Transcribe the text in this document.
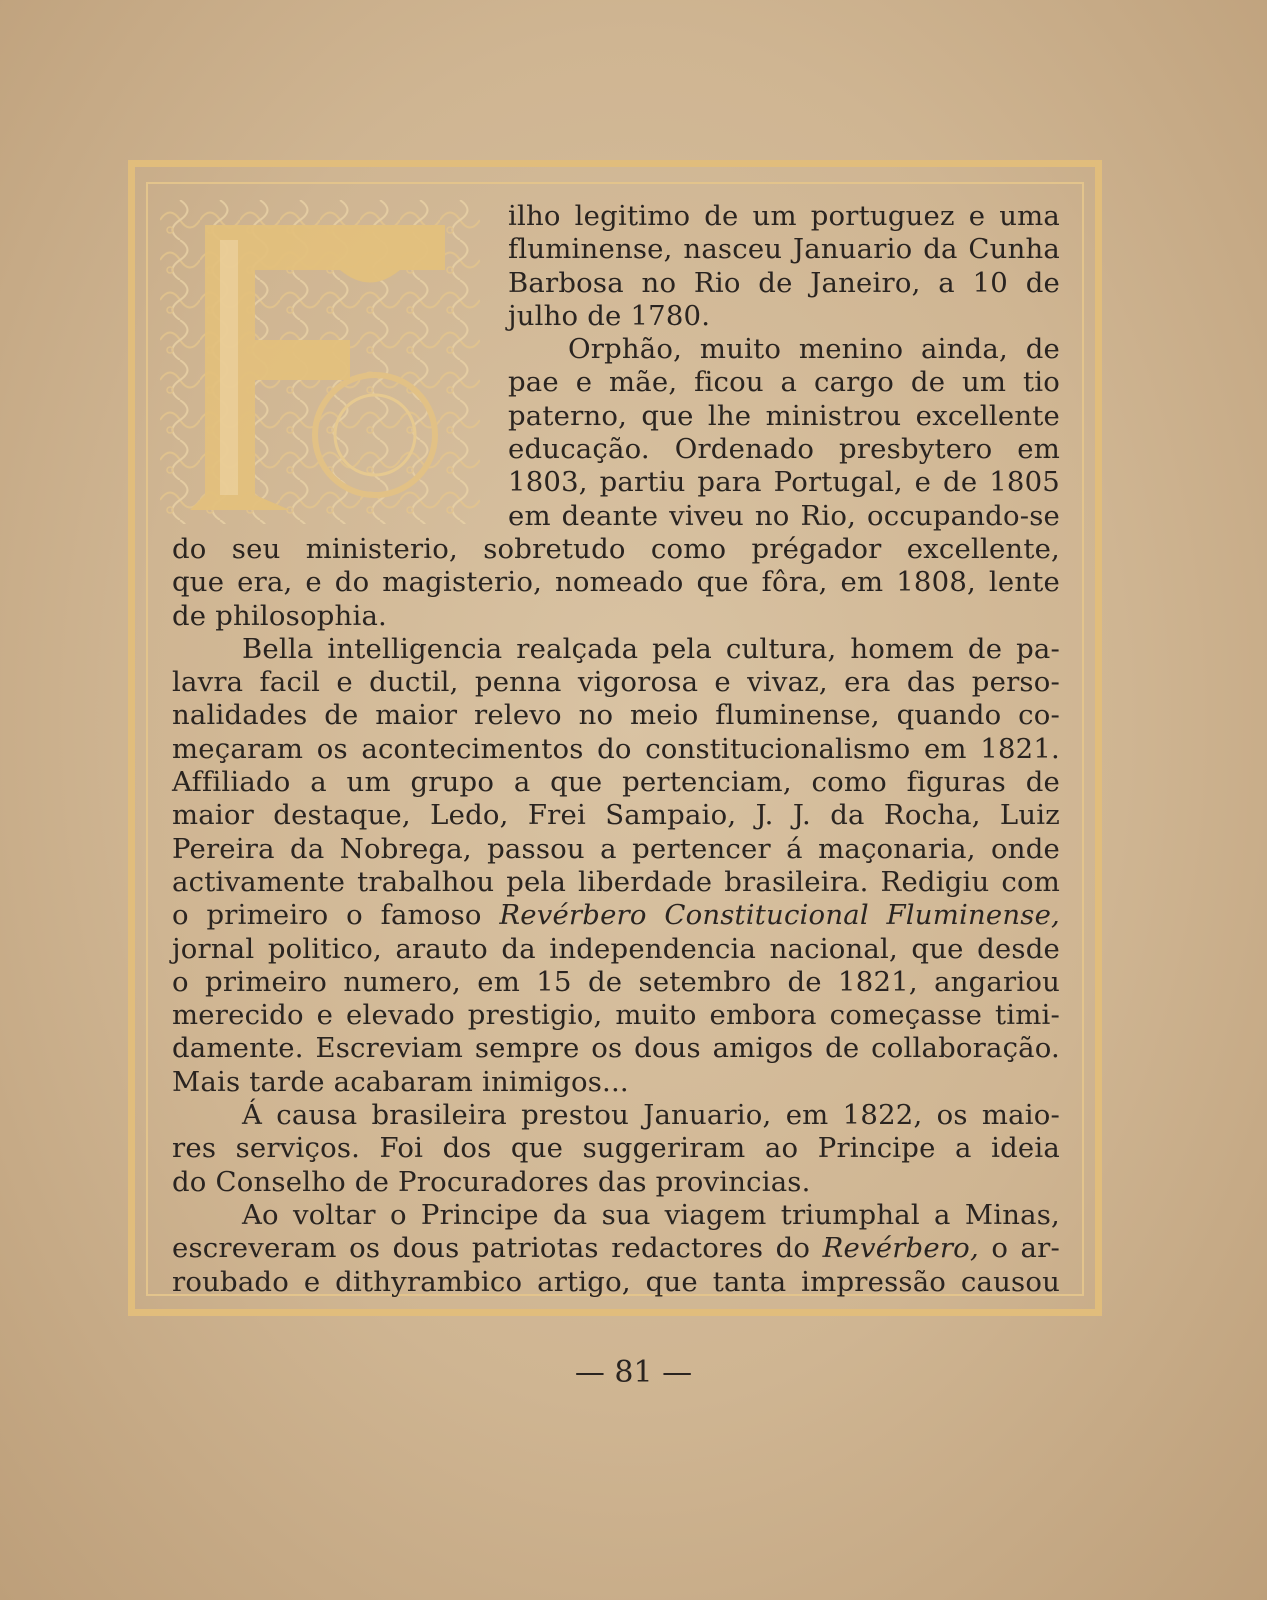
ilho legitimo de um portuguez e uma
fluminense, nasceu Januario da Cunha
Barbosa no Rio de Janeiro, a 10 de
julho de 1780.
Orphão, muito menino ainda, de
pae e mãe, ficou a cargo de um tio
paterno, que lhe ministrou excellente
educação. Ordenado presbytero em
1803, partiu para Portugal, e de 1805
em deante viveu no Rio, occupando-se
do seu ministerio, sobretudo como prégador excellente,
que era, e do magisterio, nomeado que fôra, em 1808, lente
de philosophia.
Bella intelligencia realçada pela cultura, homem de pa-
lavra facil e ductil, penna vigorosa e vivaz, era das perso-
nalidades de maior relevo no meio fluminense, quando co-
meçaram os acontecimentos do constitucionalismo em 1821.
Affiliado a um grupo a que pertenciam, como figuras de
maior destaque, Ledo, Frei Sampaio, J. J. da Rocha, Luiz
Pereira da Nobrega, passou a pertencer á maçonaria, onde
activamente trabalhou pela liberdade brasileira. Redigiu com
o primeiro o famoso Revérbero Constitucional Fluminense,
jornal politico, arauto da independencia nacional, que desde
o primeiro numero, em 15 de setembro de 1821, angariou
merecido e elevado prestigio, muito embora começasse timi-
damente. Escreviam sempre os dous amigos de collaboração.
Mais tarde acabaram inimigos...
Á causa brasileira prestou Januario, em 1822, os maio-
res serviços. Foi dos que suggeriram ao Principe a ideia
do Conselho de Procuradores das provincias.
Ao voltar o Principe da sua viagem triumphal a Minas,
escreveram os dous patriotas redactores do Revérbero, o ar-
roubado e dithyrambico artigo, que tanta impressão causou
— 81 —
